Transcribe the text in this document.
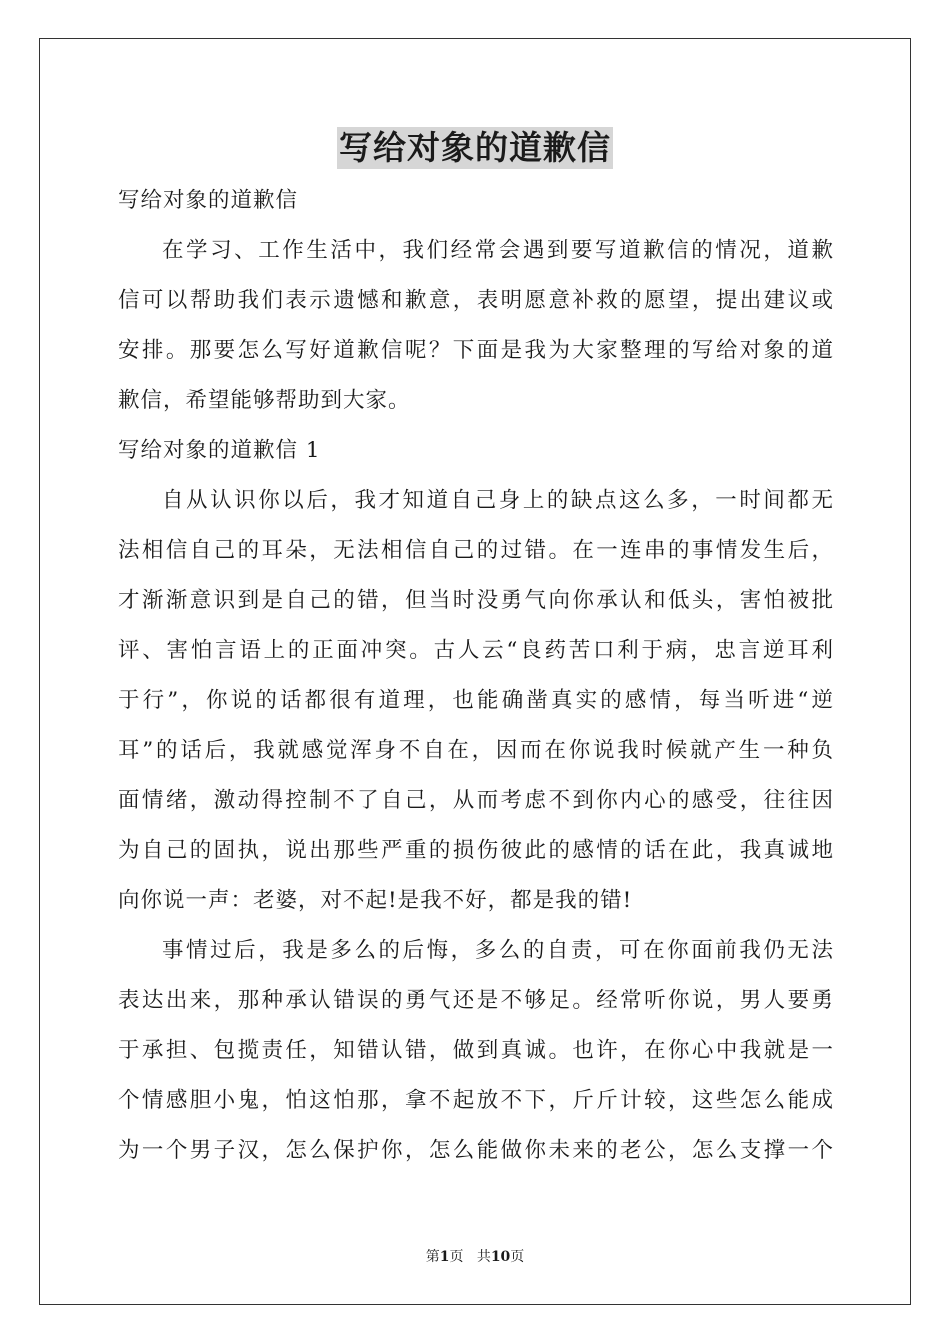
写给对象的道歉信

写给对象的道歉信

在学习、工作生活中，我们经常会遇到要写道歉信的情况，道歉

信可以帮助我们表示遗憾和歉意，表明愿意补救的愿望，提出建议或

安排。那要怎么写好道歉信呢？下面是我为大家整理的写给对象的道

歉信，希望能够帮助到大家。

写给对象的道歉信 1

自从认识你以后，我才知道自己身上的缺点这么多，一时间都无

法相信自己的耳朵，无法相信自己的过错。在一连串的事情发生后，

才渐渐意识到是自己的错，但当时没勇气向你承认和低头，害怕被批

评、害怕言语上的正面冲突。古人云“良药苦口利于病，忠言逆耳利

于行”，你说的话都很有道理，也能确凿真实的感情，每当听进“逆

耳”的话后，我就感觉浑身不自在，因而在你说我时候就产生一种负

面情绪，激动得控制不了自己，从而考虑不到你内心的感受，往往因

为自己的固执，说出那些严重的损伤彼此的感情的话在此，我真诚地

向你说一声：老婆，对不起!是我不好，都是我的错!

事情过后，我是多么的后悔，多么的自责，可在你面前我仍无法

表达出来，那种承认错误的勇气还是不够足。经常听你说，男人要勇

于承担、包揽责任，知错认错，做到真诚。也许，在你心中我就是一

个情感胆小鬼，怕这怕那，拿不起放不下，斤斤计较，这些怎么能成

为一个男子汉，怎么保护你，怎么能做你未来的老公，怎么支撑一个

第1页 共10页
